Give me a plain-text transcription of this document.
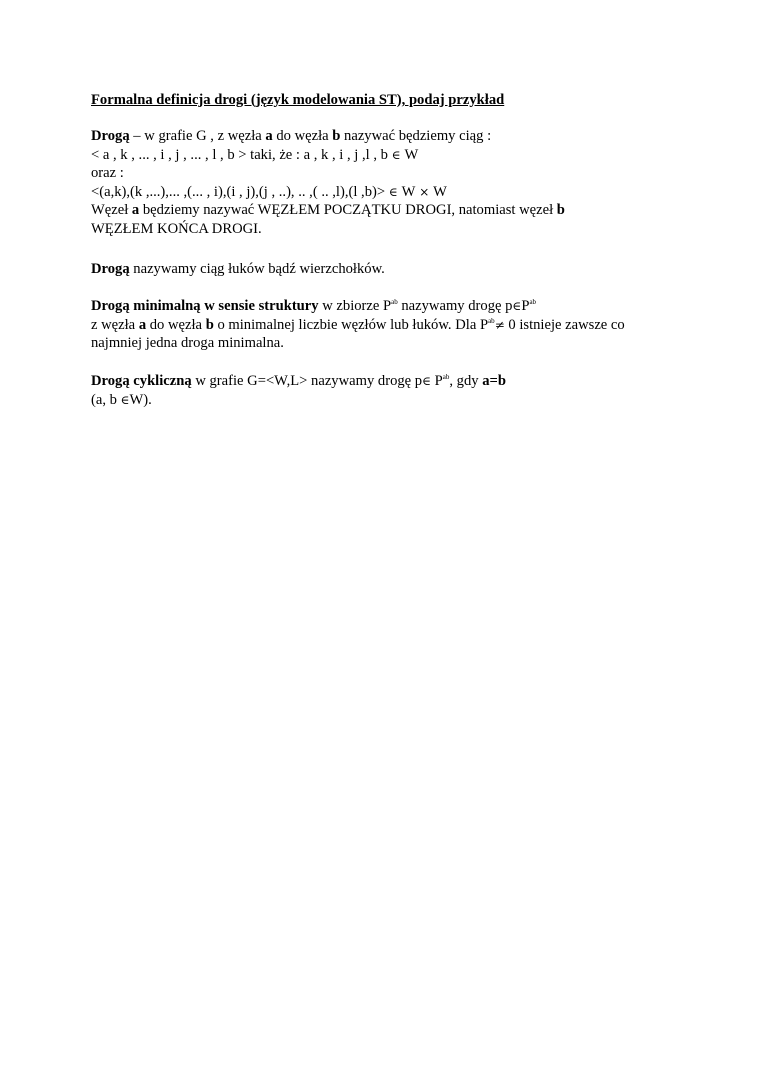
Formalna definicja drogi (język modelowania ST), podaj przykład
Drogą – w grafie G , z węzła a do węzła b nazywać będziemy ciąg :
< a , k , ... , i , j , ... , l , b > taki, że : a , k , i , j ,l , b ∈ W
oraz :
<(a,k),(k ,...),... ,(... , i),(i , j),(j , ..), .. ,( .. ,l),(l ,b)> ∈ W × W
Węzeł a będziemy nazywać WĘZŁEM POCZĄTKU DROGI, natomiast węzeł b
WĘZŁEM KOŃCA DROGI.
Drogą nazywamy ciąg łuków bądź wierzchołków.
Drogą minimalną w sensie struktury w zbiorze $P^{ab}$ nazywamy drogę $p\in P^{ab}$
z węzła a do węzła b o minimalnej liczbie węzłów lub łuków. Dla $P^{ab}\ne 0$ istnieje zawsze co
najmniej jedna droga minimalna.
Drogą cykliczną w grafie G=<W,L> nazywamy drogę p∈ $P^{ab}$, gdy a=b
(a, b ∈W).
